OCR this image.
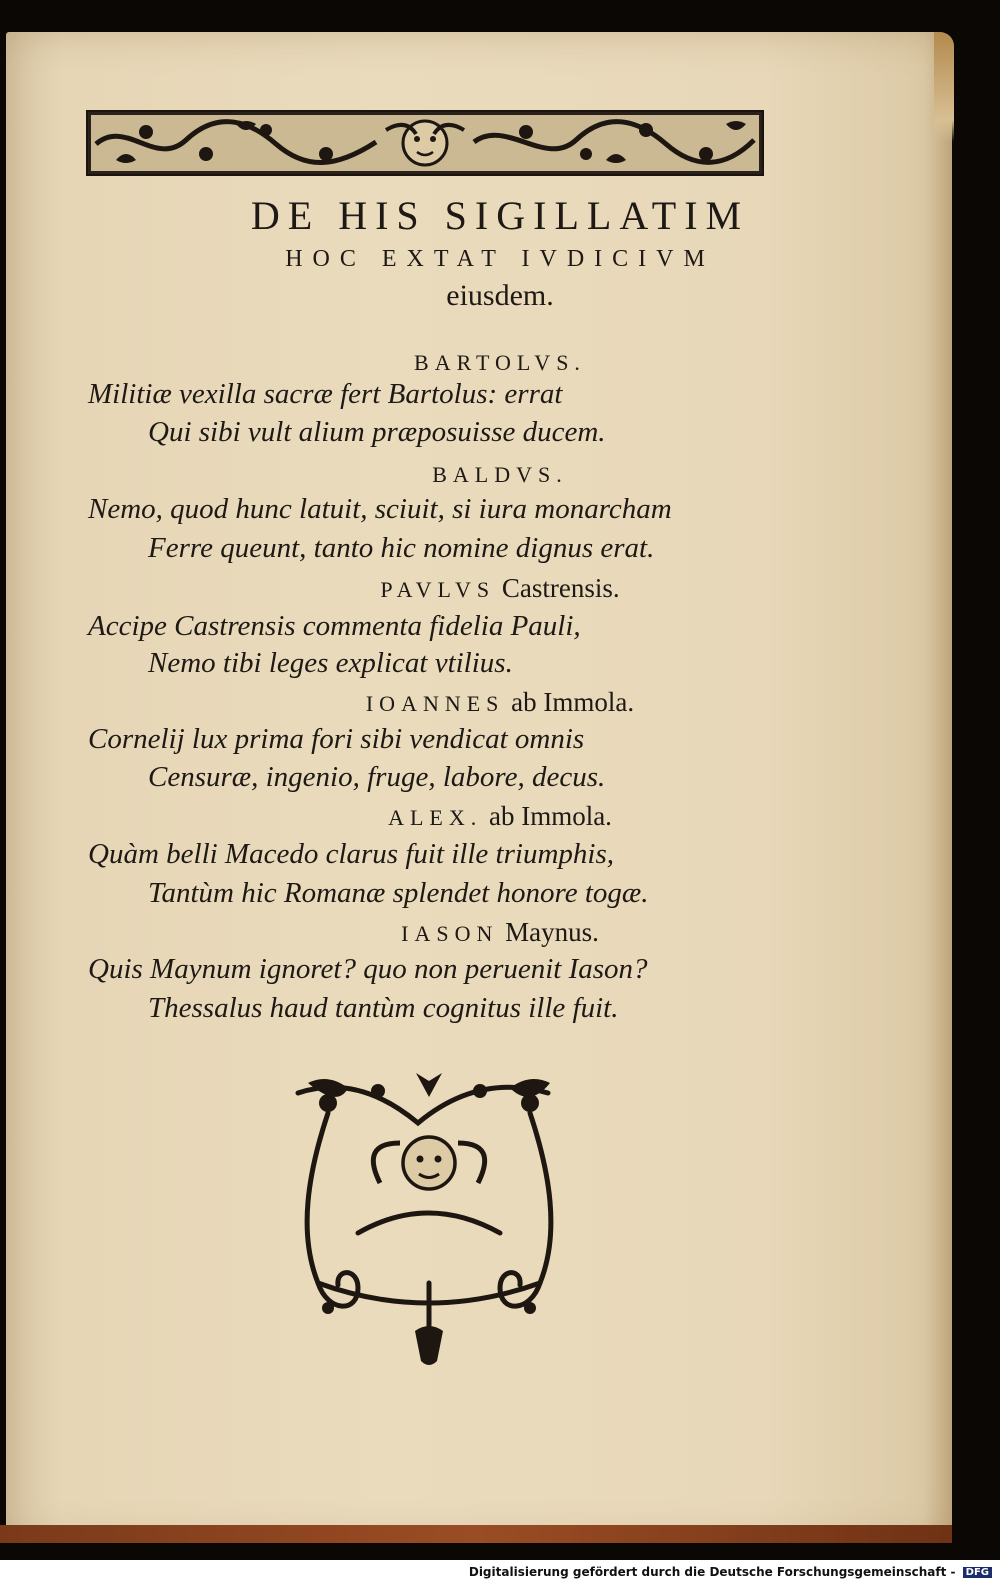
DE HIS SIGILLATIM
HOC EXTAT IVDICIVM
eiusdem.
BARTOLVS.
Militiæ vexilla sacræ fert Bartolus: errat
Qui sibi vult alium præposuisse ducem.
BALDVS.
Nemo, quod hunc latuit, sciuit, si iura monarcham
Ferre queunt, tanto hic nomine dignus erat.
PAVLVS Castrensis.
Accipe Castrensis commenta fidelia Pauli,
Nemo tibi leges explicat vtilius.
IOANNES ab Immola.
Cornelij lux prima fori sibi vendicat omnis
Censuræ, ingenio, fruge, labore, decus.
ALEX. ab Immola.
Quàm belli Macedo clarus fuit ille triumphis,
Tantùm hic Romanæ splendet honore togæ.
IASON Maynus.
Quis Maynum ignoret? quo non peruenit Iason?
Thessalus haud tantùm cognitus ille fuit.
Digitalisierung gefördert durch die Deutsche Forschungsgemeinschaft - DFG
